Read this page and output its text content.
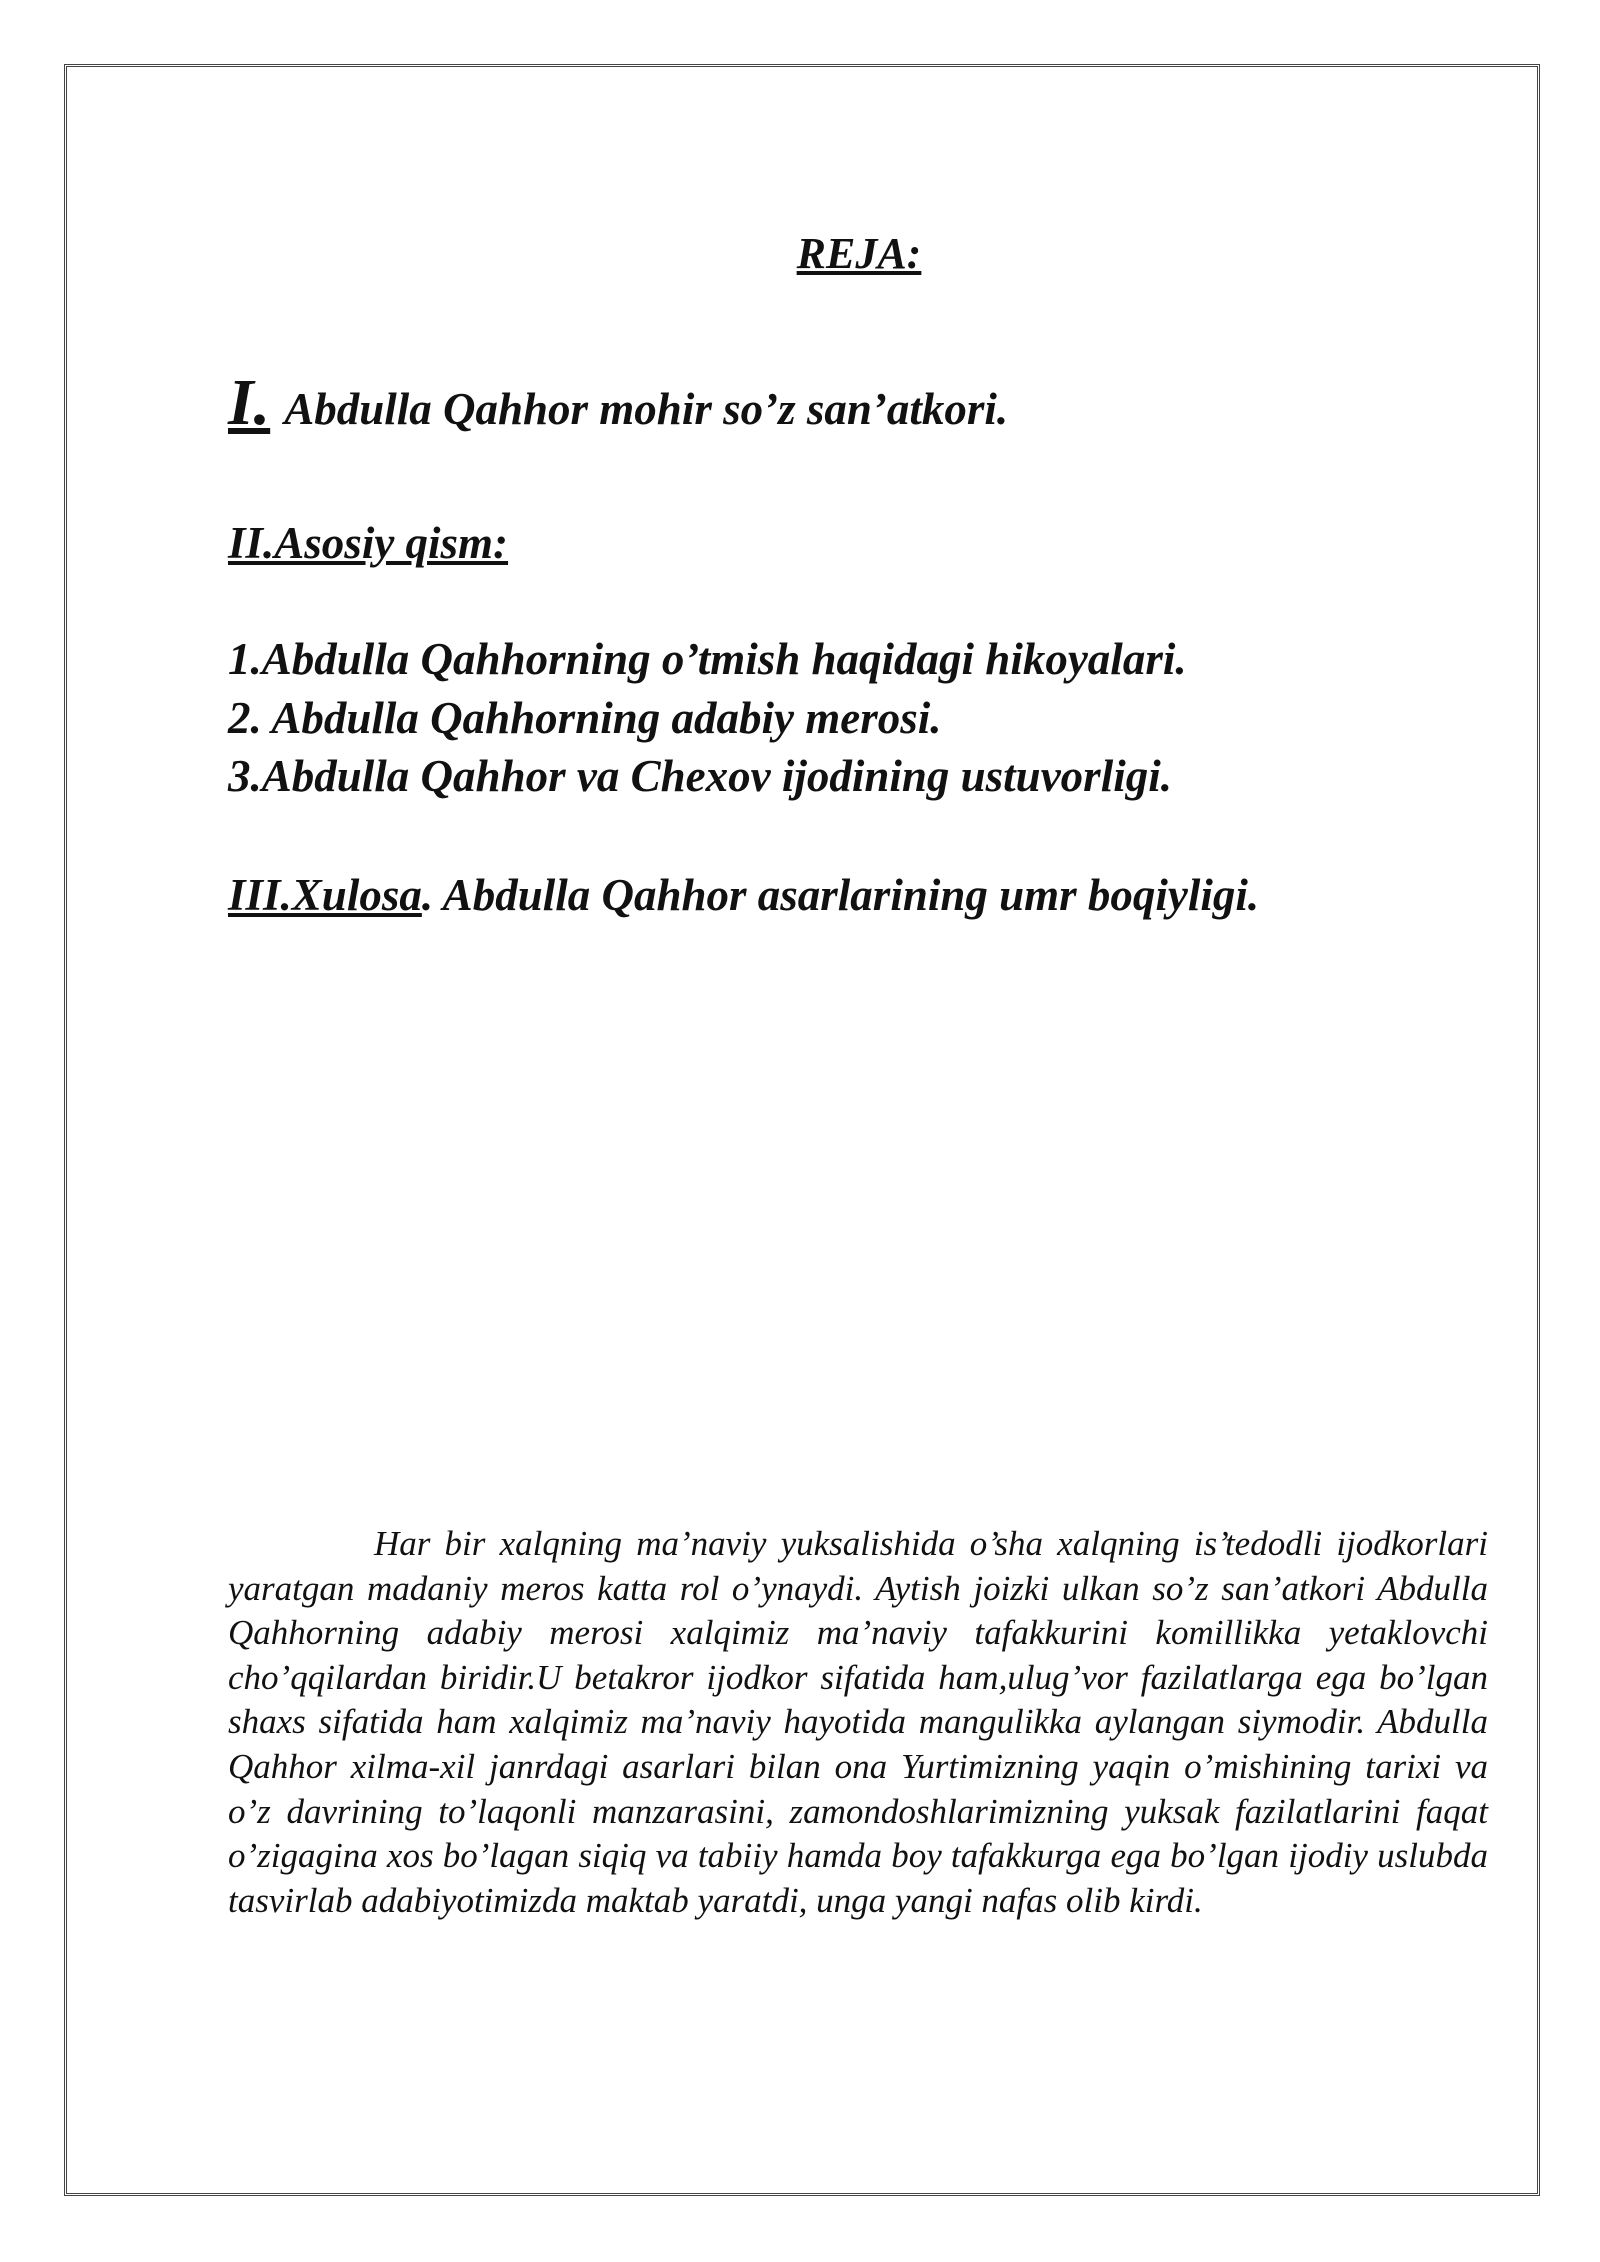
REJA:
I. Abdulla Qahhor mohir so’z san’atkori.
II.Asosiy qism:

1.Abdulla Qahhorning o’tmish haqidagi hikoyalari.

2. Abdulla Qahhorning adabiy merosi.

3.Abdulla Qahhor va Chexov ijodining ustuvorligi.

III.Xulosa. Abdulla Qahhor asarlarining umr boqiyligi.

Har bir xalqning ma’naviy yuksalishida o’sha xalqning is’tedodli ijodkorlari yaratgan madaniy meros katta rol o’ynaydi. Aytish joizki ulkan so’z san’atkori Abdulla Qahhorning adabiy merosi xalqimiz ma’naviy tafakkurini komillikka yetaklovchi cho’qqilardan biridir.U betakror ijodkor sifatida ham,ulug’vor fazilatlarga ega bo’lgan shaxs sifatida ham xalqimiz ma’naviy hayotida mangulikka aylangan siymodir. Abdulla Qahhor xilma-xil janrdagi asarlari bilan ona Yurtimizning yaqin o’mishining tarixi va o’z davrining to’laqonli manzarasini, zamondoshlarimizning yuksak fazilatlarini faqat o’zigagina xos bo’lagan siqiq va tabiiy hamda boy tafakkurga ega bo’lgan ijodiy uslubda tasvirlab adabiyotimizda maktab yaratdi, unga yangi nafas olib kirdi.
